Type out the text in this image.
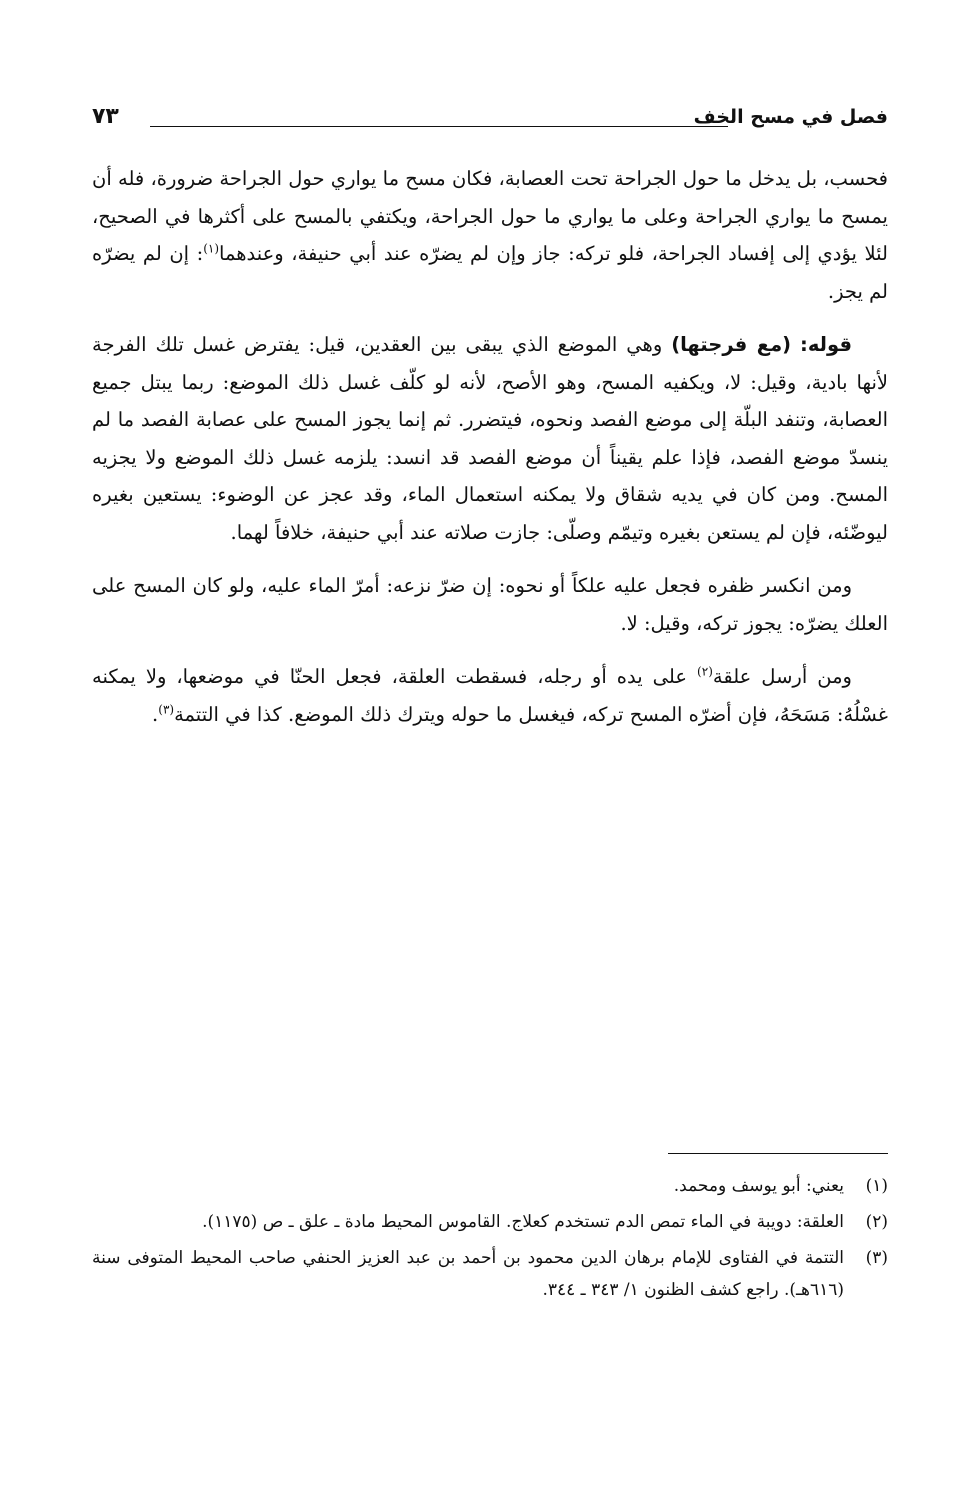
فصل في مسح الخف
٧٣

فحسب، بل يدخل ما حول الجراحة تحت العصابة، فكان مسح ما يواري حول الجراحة ضرورة، فله أن يمسح ما يواري الجراحة وعلى ما يواري ما حول الجراحة، ويكتفي بالمسح على أكثرها في الصحيح، لئلا يؤدي إلى إفساد الجراحة، فلو تركه: جاز وإن لم يضرّه عند أبي حنيفة، وعندهما$^{(١)}$: إن لم يضرّه لم يجز.

قوله: (مع فرجتها) وهي الموضع الذي يبقى بين العقدين، قيل: يفترض غسل تلك الفرجة لأنها بادية، وقيل: لا، ويكفيه المسح، وهو الأصح، لأنه لو كلّف غسل ذلك الموضع: ربما يبتل جميع العصابة، وتنفد البلّة إلى موضع الفصد ونحوه، فيتضرر. ثم إنما يجوز المسح على عصابة الفصد ما لم ينسدّ موضع الفصد، فإذا علم يقيناً أن موضع الفصد قد انسد: يلزمه غسل ذلك الموضع ولا يجزيه المسح. ومن كان في يديه شقاق ولا يمكنه استعمال الماء، وقد عجز عن الوضوء: يستعين بغيره ليوضّئه، فإن لم يستعن بغيره وتيمّم وصلّى: جازت صلاته عند أبي حنيفة، خلافاً لهما.

ومن انكسر ظفره فجعل عليه علكاً أو نحوه: إن ضرّ نزعه: أمرّ الماء عليه، ولو كان المسح على العلك يضرّه: يجوز تركه، وقيل: لا.

ومن أرسل علقة$^{(٢)}$ على يده أو رجله، فسقطت العلقة، فجعل الحنّا في موضعها، ولا يمكنه غسْلُهُ: مَسَحَهُ، فإن أضرّه المسح تركه، فيغسل ما حوله ويترك ذلك الموضع. كذا في التتمة$^{(٣)}$.

(١)
يعني: أبو يوسف ومحمد.
(٢)
العلقة: دويبة في الماء تمص الدم تستخدم كعلاج. القاموس المحيط مادة ـ علق ـ ص (١١٧٥).
(٣)
التتمة في الفتاوى للإمام برهان الدين محمود بن أحمد بن عبد العزيز الحنفي صاحب المحيط المتوفى سنة (٦١٦هـ). راجع كشف الظنون ١/ ٣٤٣ ـ ٣٤٤.
